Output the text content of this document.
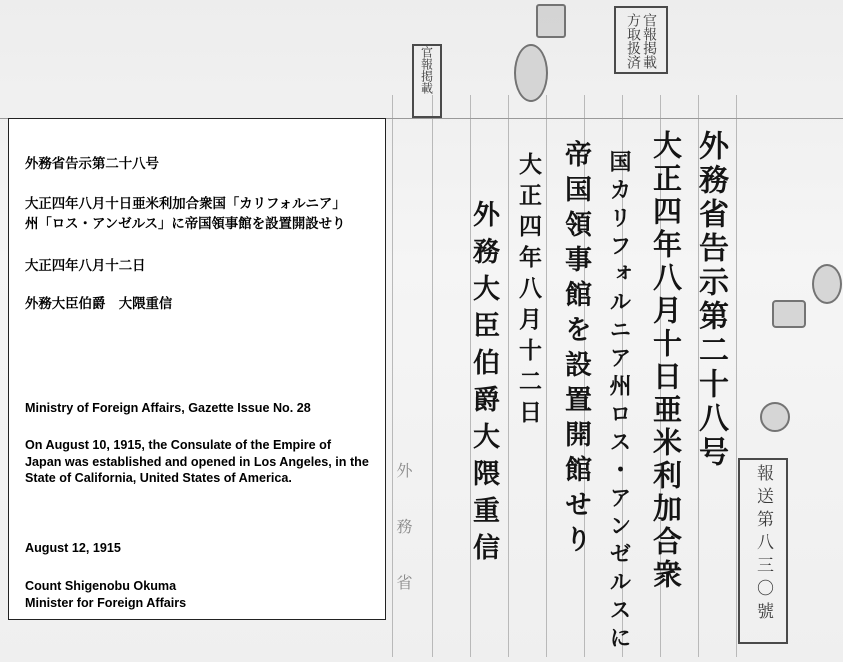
官報掲載方取扱済
官報掲載
報送第八三〇號
外務省告示第二十八号
大正四年八月十日亜米利加合衆
国カリフォルニア州ロス・アンゼルスに
帝国領事館を設置開館せり
大正四年八月十二日
外務大臣伯爵大隈重信
外務省
外務省告示第二十八号
大正四年八月十日亜米利加合衆国「カリフォルニア」
州「ロス・アンゼルス」に帝国領事館を設置開設せり
大正四年八月十二日
外務大臣伯爵　大隈重信
Ministry of Foreign Affairs, Gazette Issue No. 28
On August 10, 1915, the Consulate of the Empire of Japan was established and opened in Los Angeles, in the State of California, United States of America.
August 12, 1915
Count Shigenobu Okuma
Minister for Foreign Affairs
